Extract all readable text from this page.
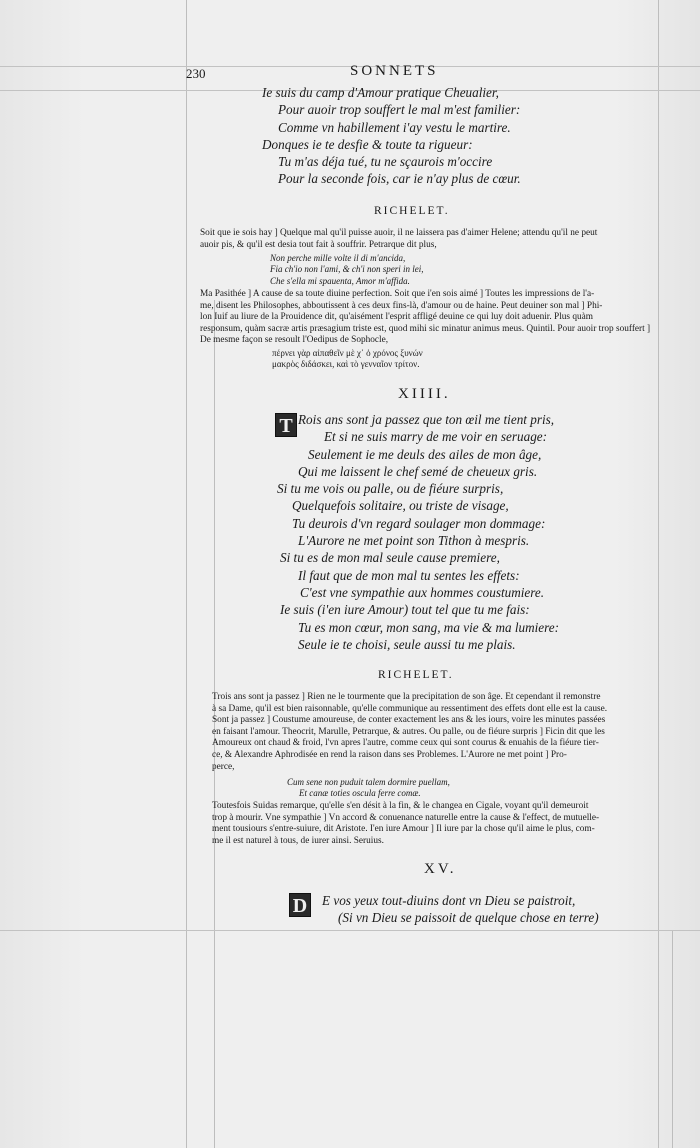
230	SONNETS
Ie suis du camp d'Amour pratique Cheualier,
Pour auoir trop souffert le mal m'est familier:
Comme vn habillement i'ay vestu le martire.
Donques ie te desfie & toute ta rigueur:
Tu m'as déja tué, tu ne sçaurois m'occire
Pour la seconde fois, car ie n'ay plus de cœur.
RICHELET.
Soit que ie sois hay ] Quelque mal qu'il puisse auoir, il ne laissera pas d'aimer Helene; attendu qu'il ne peut
auoir pis, & qu'il est desia tout fait à souffrir. Petrarque dit plus,
Non perche mille volte il di m'ancida,
Fia ch'io non l'ami, & ch'i non speri in lei,
Che s'ella mi spauenta, Amor m'affida.
Ma Pasithée ] A cause de sa toute diuine perfection. Soit que i'en sois aimé ] Toutes les impressions de l'a-
me, disent les Philosophes, abboutissent à ces deux fins-là, d'amour ou de haine. Peut deuiner son mal ] Phi-
lon Iuif au liure de la Prouidence dit, qu'aisément l'esprit affligé deuine ce qui luy doit aduenir. Plus quàm
responsum, quàm sacræ artis præsagium triste est, quod mihi sic minatur animus meus. Quintil. Pour auoir trop souffert ]
De mesme façon se resoult l'Oedipus de Sophocle,
πέρνει γὰρ αἰπαθεῖν μὲ χ᾽ ὁ χρόνος ξυνών
μακρὸς διδάσκει, καὶ τὸ γενναῖον τρίτον.
XIIII.
T Rois ans sont ja passez que ton œil me tient pris,
Et si ne suis marry de me voir en seruage:
Seulement ie me deuls des ailes de mon âge,
Qui me laissent le chef semé de cheueux gris.
Si tu me vois ou palle, ou de fiéure surpris,
Quelquefois solitaire, ou triste de visage,
Tu deurois d'vn regard soulager mon dommage:
L'Aurore ne met point son Tithon à mespris.
Si tu es de mon mal seule cause premiere,
Il faut que de mon mal tu sentes les effets:
C'est vne sympathie aux hommes coustumiere.
Ie suis (i'en iure Amour) tout tel que tu me fais:
Tu es mon cœur, mon sang, ma vie & ma lumiere:
Seule ie te choisi, seule aussi tu me plais.
RICHELET.
Trois ans sont ja passez ] Rien ne le tourmente que la precipitation de son âge. Et cependant il remonstre
à sa Dame, qu'il est bien raisonnable, qu'elle communique au ressentiment des effets dont elle est la cause.
Sont ja passez ] Coustume amoureuse, de conter exactement les ans & les iours, voire les minutes passées
en faisant l'amour. Theocrit, Marulle, Petrarque, & autres. Ou palle, ou de fiéure surpris ] Ficin dit que les
Amoureux ont chaud & froid, l'vn apres l'autre, comme ceux qui sont courus & enuahis de la fiéure tier-
ce, & Alexandre Aphrodisée en rend la raison dans ses Problemes. L'Aurore ne met point ] Pro-
perce,
Cum sene non puduit talem dormire puellam,
Et canæ toties oscula ferre comæ.
Toutesfois Suidas remarque, qu'elle s'en désit à la fin, & le changea en Cigale, voyant qu'il demeuroit
trop à mourir. Vne sympathie ] Vn accord & conuenance naturelle entre la cause & l'effect, de mutuelle-
ment tousiours s'entre-suiure, dit Aristote. I'en iure Amour ] Il iure par la chose qu'il aime le plus, com-
me il est naturel à tous, de iurer ainsi. Seruius.
XV.
D E vos yeux tout-diuins dont vn Dieu se paistroit,
(Si vn Dieu se paissoit de quelque chose en terre)
